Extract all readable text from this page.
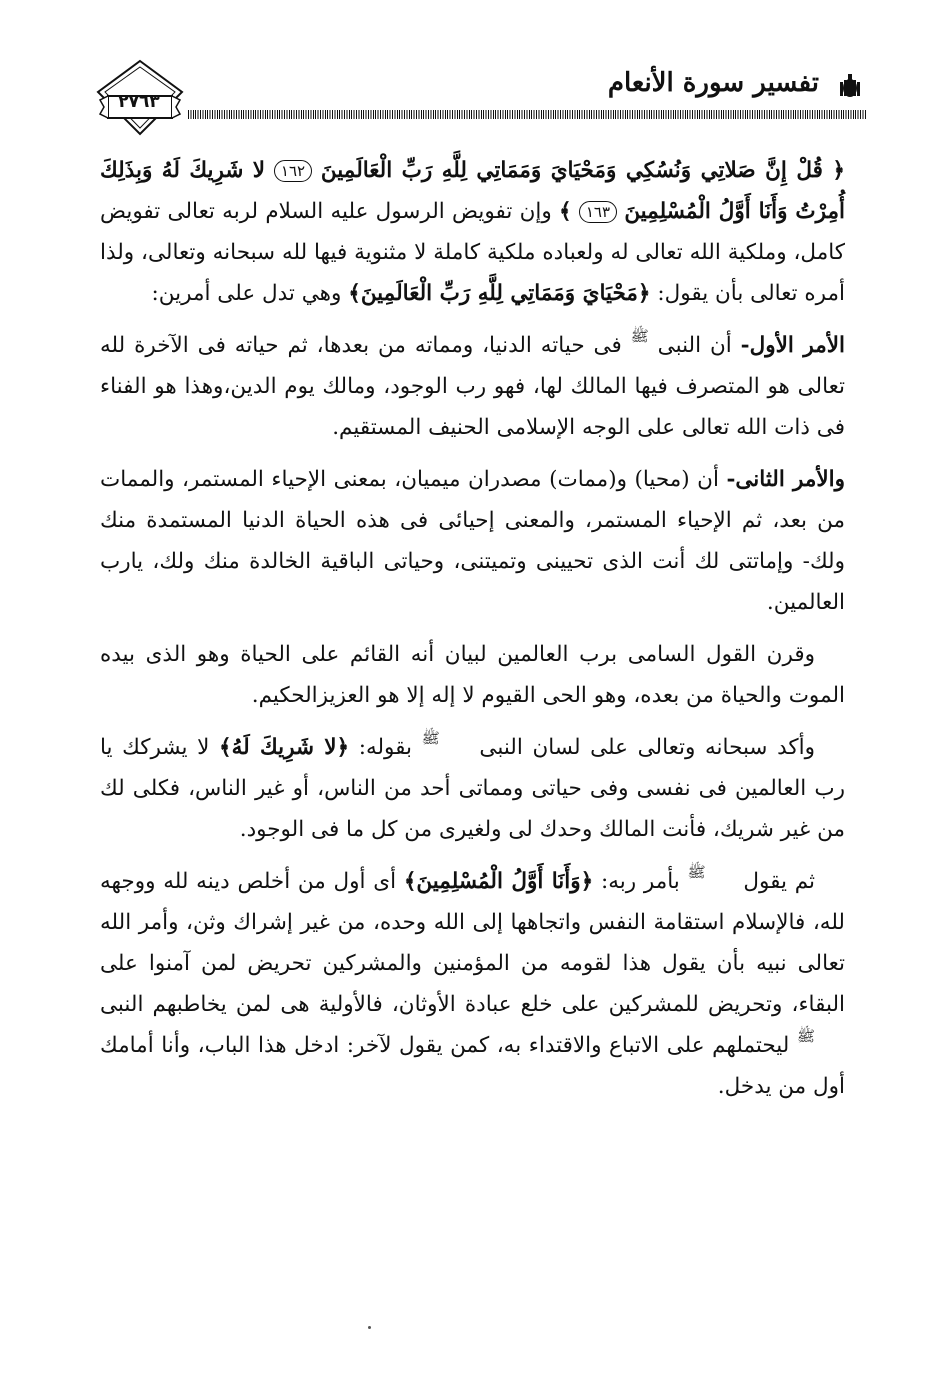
تفسير سورة الأنعام
٢٧٦٣

﴿ قُلْ إِنَّ صَلاتِي وَنُسُكِي وَمَحْيَايَ وَمَمَاتِي لِلَّهِ رَبِّ الْعَالَمِينَ ١٦٢ لا شَرِيكَ لَهُ وَبِذَلِكَ أُمِرْتُ وَأَنَا أَوَّلُ الْمُسْلِمِينَ ١٦٣ ﴾ وإن تفويض الرسول عليه السلام لربه تعالى تفويض كامل، وملكية الله تعالى له ولعباده ملكية كاملة لا مثنوية فيها لله سبحانه وتعالى، ولذا أمره تعالى بأن يقول: ﴿مَحْيَايَ وَمَمَاتِي لِلَّهِ رَبِّ الْعَالَمِينَ﴾ وهي تدل على أمرين:

الأمر الأول- أن النبى ﷺ فى حياته الدنيا، ومماته من بعدها، ثم حياته فى الآخرة لله تعالى هو المتصرف فيها المالك لها، فهو رب الوجود، ومالك يوم الدين،وهذا هو الفناء فى ذات الله تعالى على الوجه الإسلامى الحنيف المستقيم.

والأمر الثانى- أن (محيا) و(ممات) مصدران ميميان، بمعنى الإحياء المستمر، والممات من بعد، ثم الإحياء المستمر، والمعنى إحيائى فى هذه الحياة الدنيا المستمدة منك ولك- وإماتتى لك أنت الذى تحيينى وتميتنى، وحياتى الباقية الخالدة منك ولك، يارب العالمين.

وقرن القول السامى برب العالمين لبيان أنه القائم على الحياة وهو الذى بيده الموت والحياة من بعده، وهو الحى القيوم لا إله إلا هو العزيزالحكيم.

وأكد سبحانه وتعالى على لسان النبى ﷺ بقوله: ﴿لا شَرِيكَ لَهُ﴾ لا يشركك يا رب العالمين فى نفسى وفى حياتى ومماتى أحد من الناس، أو غير الناس، فكلى لك من غير شريك، فأنت المالك وحدك لى ولغيرى من كل ما فى الوجود.

ثم يقول ﷺ بأمر ربه: ﴿وَأَنَا أَوَّلُ الْمُسْلِمِينَ﴾ أى أول من أخلص دينه لله ووجهه لله، فالإسلام استقامة النفس واتجاهها إلى الله وحده، من غير إشراك وثن، وأمر الله تعالى نبيه بأن يقول هذا لقومه من المؤمنين والمشركين تحريض لمن آمنوا على البقاء، وتحريض للمشركين على خلع عبادة الأوثان، فالأولية هى لمن يخاطبهم النبى ﷺ ليحتملهم على الاتباع والاقتداء به، كمن يقول لآخر: ادخل هذا الباب، وأنا أمامك أول من يدخل.
